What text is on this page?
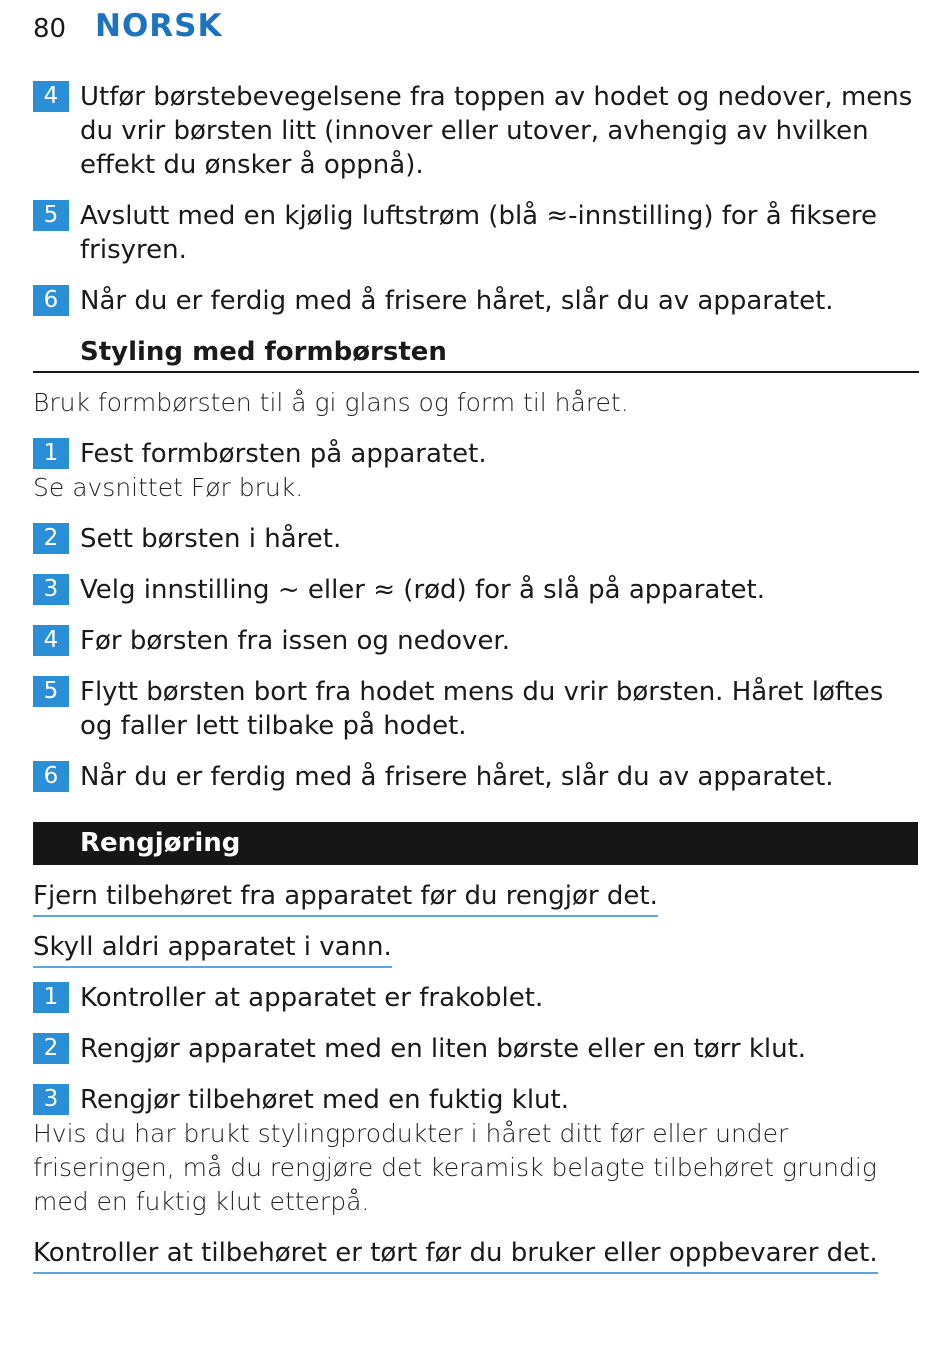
80 NORSK
4 Utfør børstebevegelsene fra toppen av hodet og nedover, mens du vrir børsten litt (innover eller utover, avhengig av hvilken effekt du ønsker å oppnå).
5 Avslutt med en kjølig luftstrøm (blå ≈-innstilling) for å fiksere frisyren.
6 Når du er ferdig med å frisere håret, slår du av apparatet.
Styling med formbørsten
Bruk formbørsten til å gi glans og form til håret.
1 Fest formbørsten på apparatet.
Se avsnittet Før bruk.
2 Sett børsten i håret.
3 Velg innstilling ~ eller ≈ (rød) for å slå på apparatet.
4 Før børsten fra issen og nedover.
5 Flytt børsten bort fra hodet mens du vrir børsten. Håret løftes og faller lett tilbake på hodet.
6 Når du er ferdig med å frisere håret, slår du av apparatet.
Rengjøring
Fjern tilbehøret fra apparatet før du rengjør det.
Skyll aldri apparatet i vann.
1 Kontroller at apparatet er frakoblet.
2 Rengjør apparatet med en liten børste eller en tørr klut.
3 Rengjør tilbehøret med en fuktig klut.
Hvis du har brukt stylingprodukter i håret ditt før eller under friseringen, må du rengjøre det keramisk belagte tilbehøret grundig med en fuktig klut etterpå.
Kontroller at tilbehøret er tørt før du bruker eller oppbevarer det.
